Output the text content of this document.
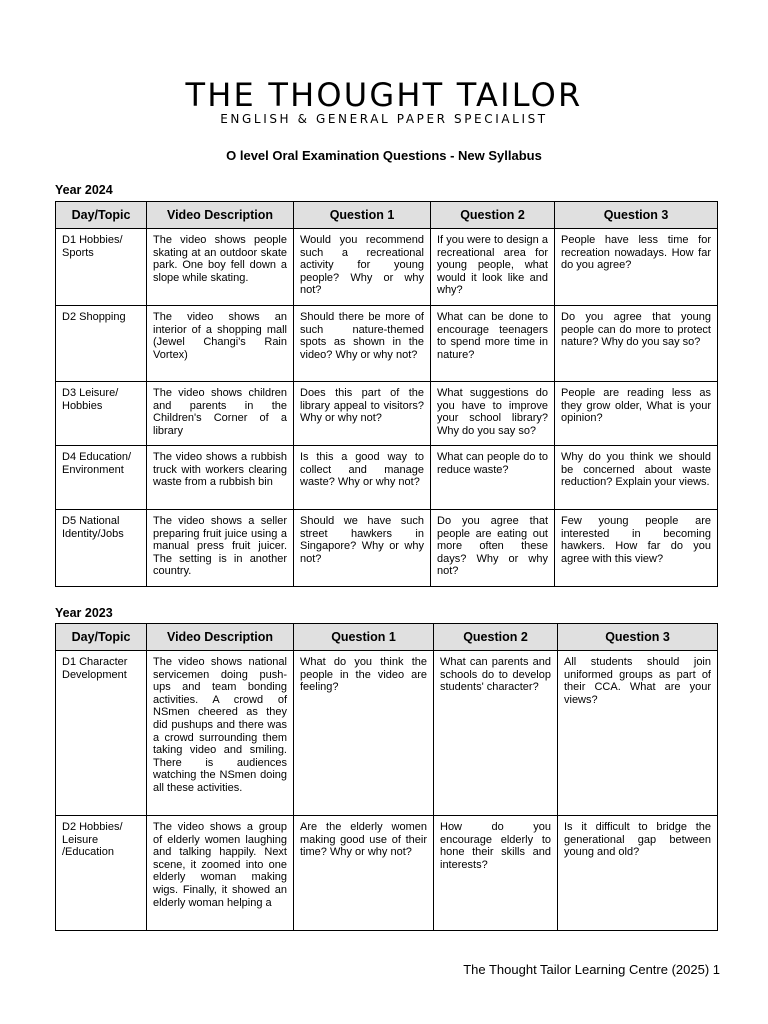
THE THOUGHT TAILOR
ENGLISH & GENERAL PAPER SPECIALIST
O level Oral Examination Questions - New Syllabus
Year 2024
Day/Topic	Video Description	Question 1	Question 2	Question 3
D1 Hobbies/ Sports	The video shows people skating at an outdoor skate park. One boy fell down a slope while skating.	Would you recommend such a recreational activity for young people? Why or why not?	If you were to design a recreational area for young people, what would it look like and why?	People have less time for recreation nowadays. How far do you agree?
D2 Shopping	The video shows an interior of a shopping mall (Jewel Changi's Rain Vortex)	Should there be more of such nature-themed spots as shown in the video? Why or why not?	What can be done to encourage teenagers to spend more time in nature?	Do you agree that young people can do more to protect nature? Why do you say so?
D3 Leisure/ Hobbies	The video shows children and parents in the Children's Corner of a library	Does this part of the library appeal to visitors? Why or why not?	What suggestions do you have to improve your school library? Why do you say so?	People are reading less as they grow older, What is your opinion?
D4 Education/ Environment	The video shows a rubbish truck with workers clearing waste from a rubbish bin	Is this a good way to collect and manage waste? Why or why not?	What can people do to reduce waste?	Why do you think we should be concerned about waste reduction? Explain your views.
D5 National Identity/Jobs	The video shows a seller preparing fruit juice using a manual press fruit juicer. The setting is in another country.	Should we have such street hawkers in Singapore? Why or why not?	Do you agree that people are eating out more often these days? Why or why not?	Few young people are interested in becoming hawkers. How far do you agree with this view?
Year 2023
Day/Topic	Video Description	Question 1	Question 2	Question 3
D1 Character Development	The video shows national servicemen doing push-ups and team bonding activities. A crowd of NSmen cheered as they did pushups and there was a crowd surrounding them taking video and smiling. There is audiences watching the NSmen doing all these activities.	What do you think the people in the video are feeling?	What can parents and schools do to develop students' character?	All students should join uniformed groups as part of their CCA. What are your views?
D2 Hobbies/ Leisure /Education	The video shows a group of elderly women laughing and talking happily. Next scene, it zoomed into one elderly woman making wigs. Finally, it showed an elderly woman helping a	Are the elderly women making good use of their time? Why or why not?	How do you encourage elderly to hone their skills and interests?	Is it difficult to bridge the generational gap between young and old?
The Thought Tailor Learning Centre (2025) 1
